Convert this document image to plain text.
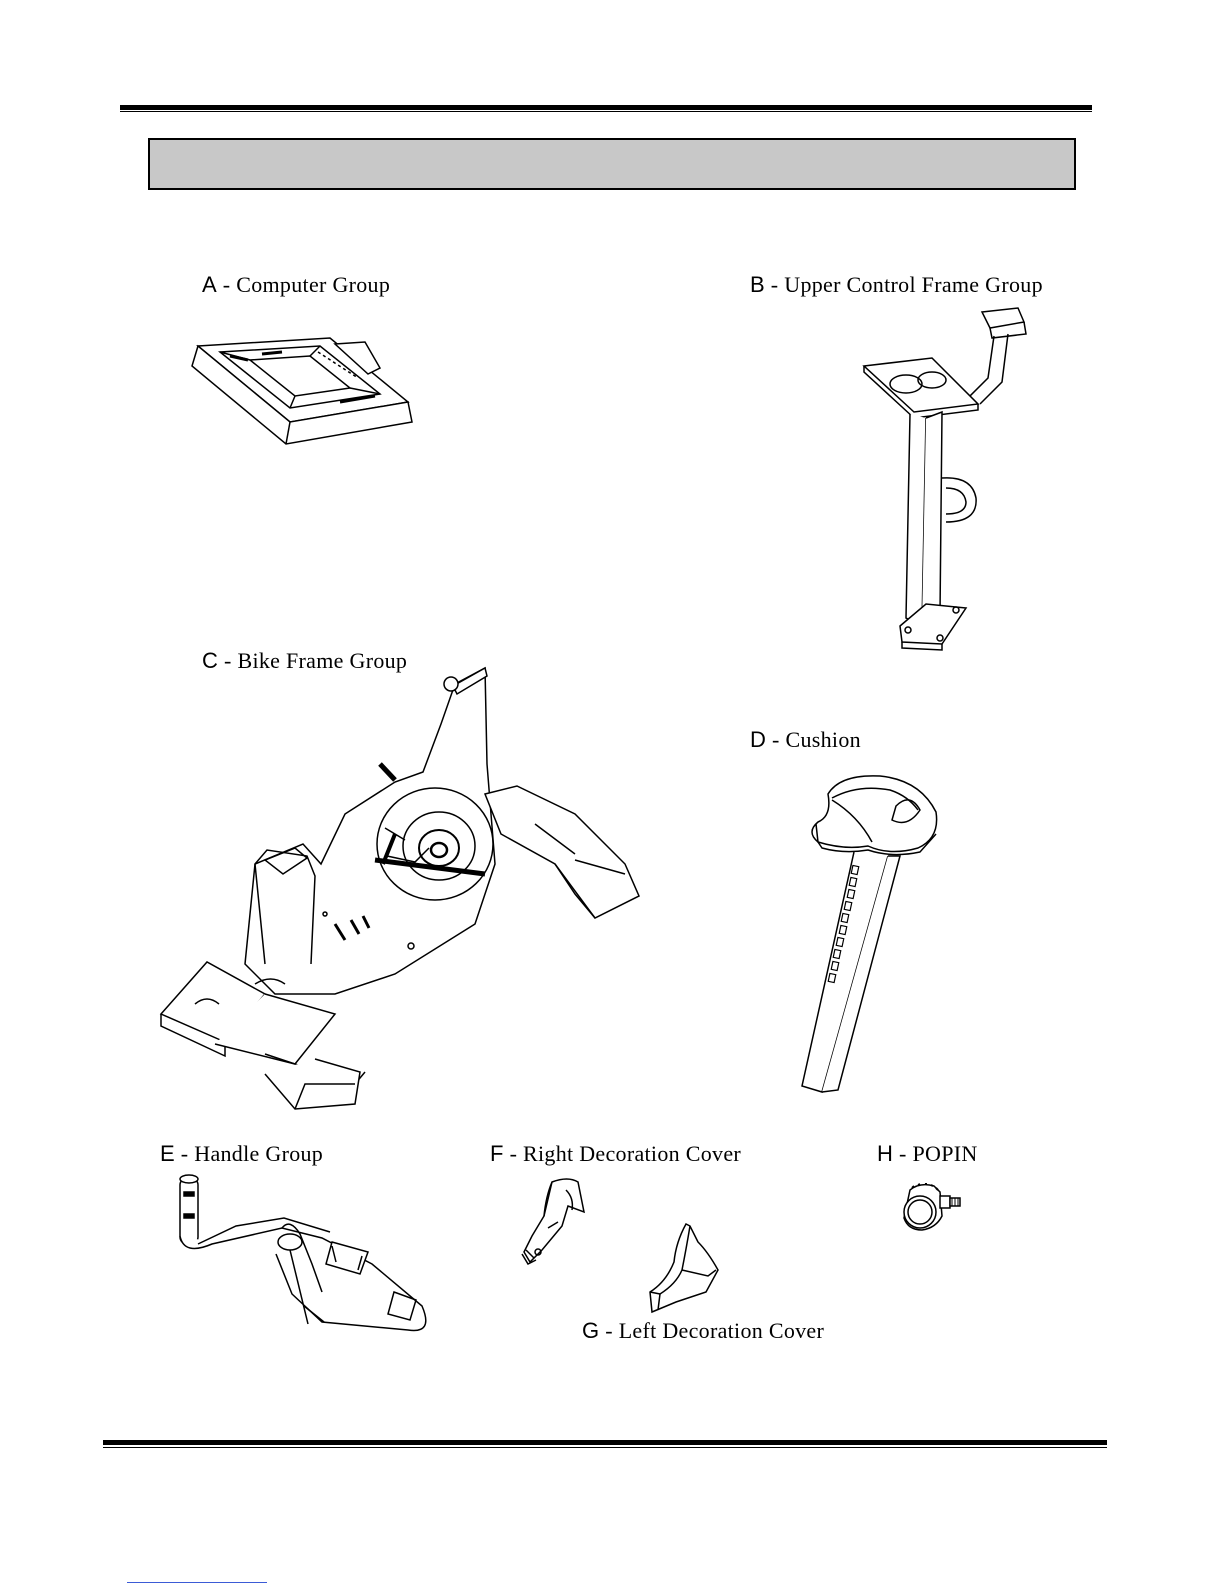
A - Computer Group	B - Upper Control Frame Group
C - Bike Frame Group
D - Cushion
E - Handle Group	F - Right Decoration Cover	H - POPIN
G - Left Decoration Cover
